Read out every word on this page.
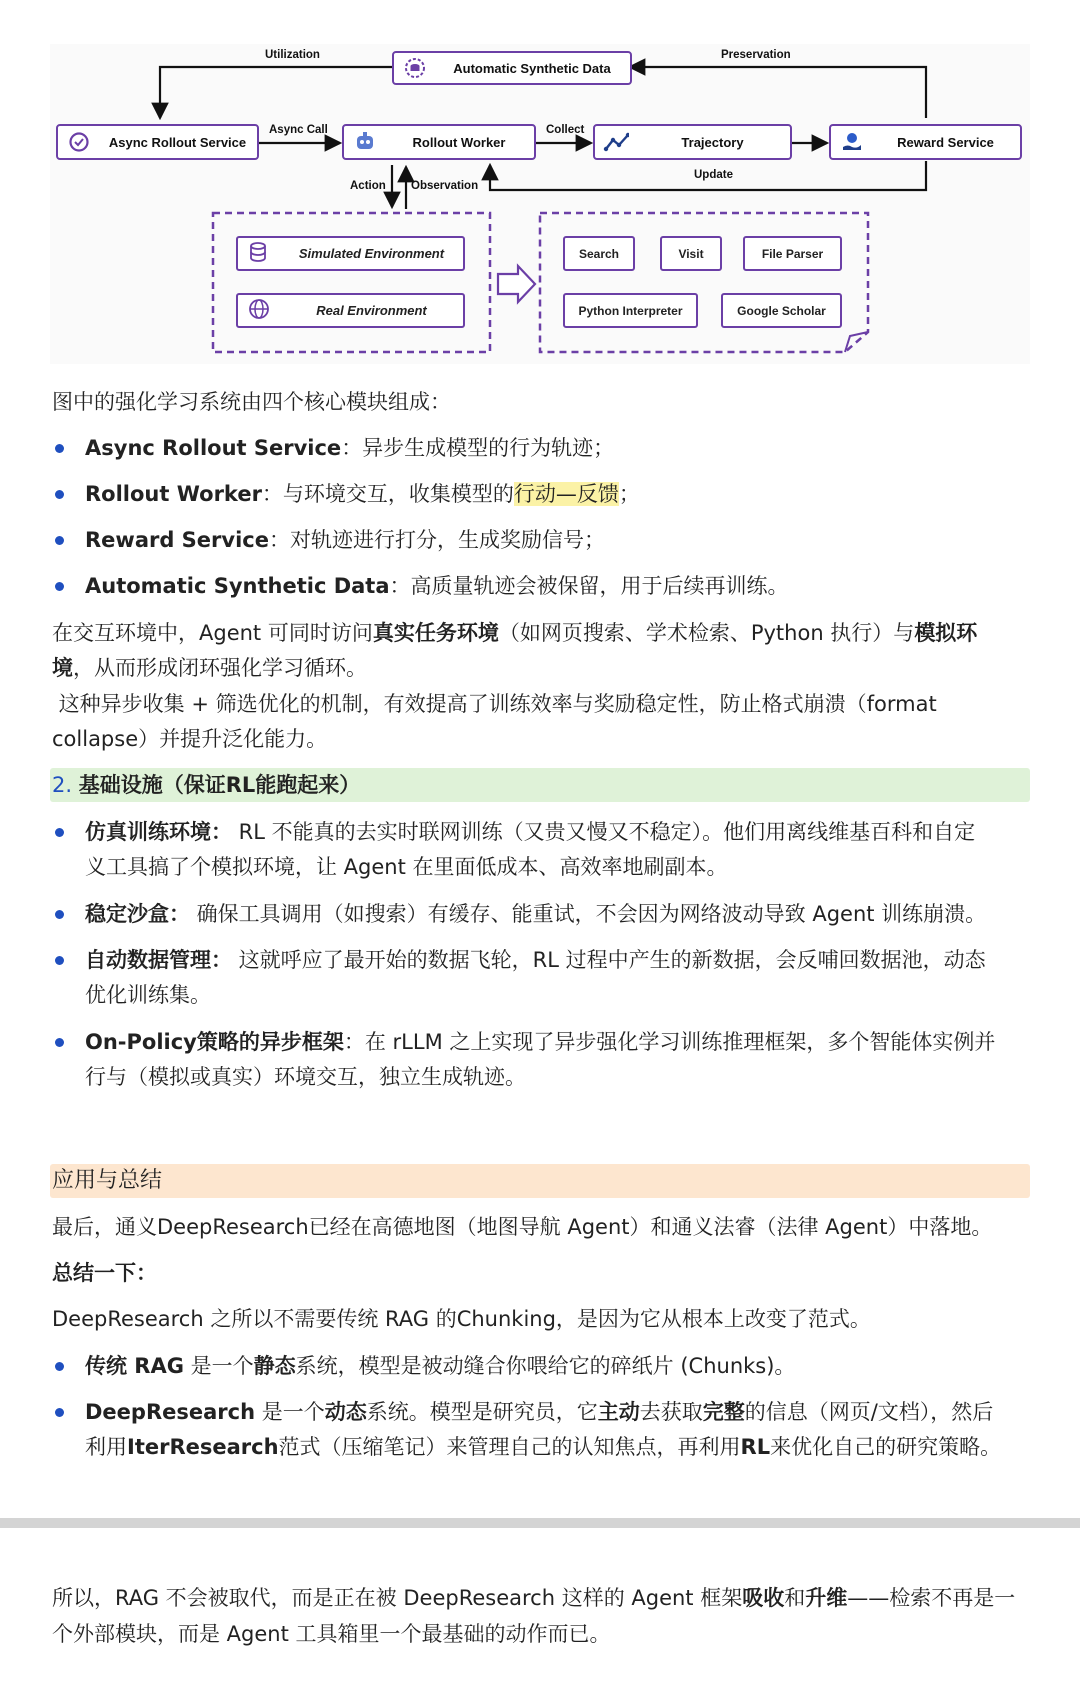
Utilization	Preservation
Async Call	Collect
Update
Action Observation
Automatic Synthetic Data
Async Rollout Service	Rollout Worker	Trajectory	Reward Service
Simulated Environment
Real Environment
Search	Visit	File Parser
Python Interpreter	Google Scholar
图中的强化学习系统由四个核心模块组成：
Async Rollout Service：异步生成模型的行为轨迹；
Rollout Worker：与环境交互，收集模型的行动—反馈；
Reward Service：对轨迹进行打分，生成奖励信号；
Automatic Synthetic Data：高质量轨迹会被保留，用于后续再训练。
在交互环境中，Agent 可同时访问真实任务环境（如网页搜索、学术检索、Python 执行）与模拟环
境，从而形成闭环强化学习循环。
这种异步收集 + 筛选优化的机制，有效提高了训练效率与奖励稳定性，防止格式崩溃（format
collapse）并提升泛化能力。
2. 基础设施（保证RL能跑起来）
仿真训练环境： RL 不能真的去实时联网训练（又贵又慢又不稳定）。他们用离线维基百科和自定
义工具搞了个模拟环境，让 Agent 在里面低成本、高效率地刷副本。
稳定沙盒： 确保工具调用（如搜索）有缓存、能重试，不会因为网络波动导致 Agent 训练崩溃。
自动数据管理： 这就呼应了最开始的数据飞轮，RL 过程中产生的新数据，会反哺回数据池，动态
优化训练集。
On-Policy策略的异步框架：在 rLLM 之上实现了异步强化学习训练推理框架，多个智能体实例并
行与（模拟或真实）环境交互，独立生成轨迹。
应用与总结
最后，通义DeepResearch已经在高德地图（地图导航 Agent）和通义法睿（法律 Agent）中落地。
总结一下：
DeepResearch 之所以不需要传统 RAG 的Chunking，是因为它从根本上改变了范式。
传统 RAG 是一个静态系统，模型是被动缝合你喂给它的碎纸片 (Chunks)。
DeepResearch 是一个动态系统。模型是研究员，它主动去获取完整的信息（网页/文档），然后
利用IterResearch范式（压缩笔记）来管理自己的认知焦点，再利用RL来优化自己的研究策略。
所以，RAG 不会被取代，而是正在被 DeepResearch 这样的 Agent 框架吸收和升维——检索不再是一
个外部模块，而是 Agent 工具箱里一个最基础的动作而已。
